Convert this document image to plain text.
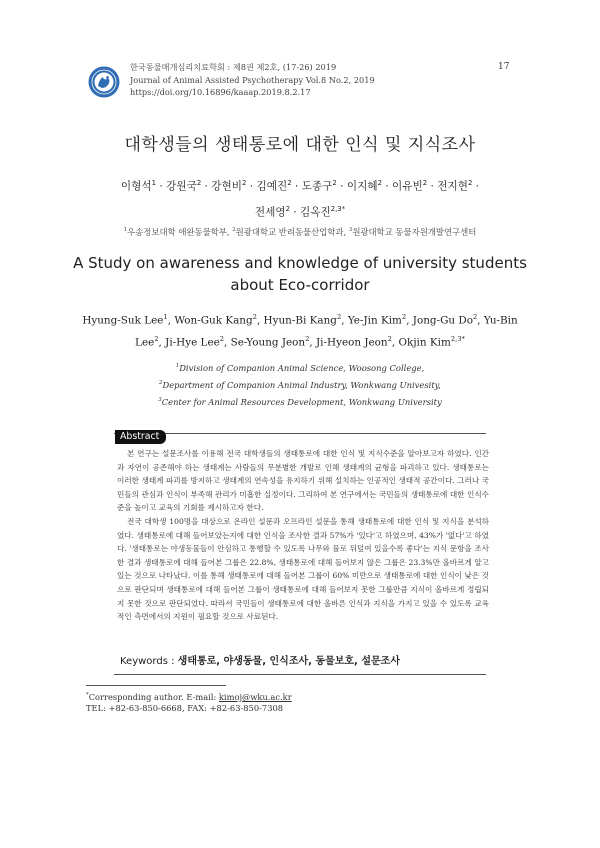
한국동물매개심리치료학회 : 제8권 제2호, (17-26) 2019
Journal of Animal Assisted Psychotherapy Vol.8 No.2, 2019
https://doi.org/10.16896/kaaap.2019.8.2.17
17
대학생들의 생태통로에 대한 인식 및 지식조사
이형석$^1$ · 강원국$^2$ · 강현비$^2$ · 김예진$^2$ · 도종구$^2$ · 이지혜$^2$ · 이유빈$^2$ · 전지현$^2$ ·
전세영$^2$ · 김옥진$^{2,3*}$
$^1$우송정보대학 애완동물학부, $^2$원광대학교 반려동물산업학과, $^3$원광대학교 동물자원개발연구센터
A Study on awareness and knowledge of university students about Eco-corridor
Hyung-Suk Lee$^1$, Won-Guk Kang$^2$, Hyun-Bi Kang$^2$, Ye-Jin Kim$^2$, Jong-Gu Do$^2$, Yu-Bin Lee$^2$, Ji-Hye Lee$^2$, Se-Young Jeon$^2$, Ji-Hyeon Jeon$^2$, Okjin Kim$^{2,3*}$
$^1$Division of Companion Animal Science, Woosong College,
$^2$Department of Companion Animal Industry, Wonkwang Univesity,
$^3$Center for Animal Resources Development, Wonkwang University
Abstract

본 연구는 설문조사를 이용해 전국 대학생들의 생태통로에 대한 인식 및 지식수준을 알아보고자 하였다. 인간과 자연이 공존해야 하는 생태계는 사람들의 무분별한 개발로 인해 생태계의 균형을 파괴하고 있다. 생태통로는 이러한 생태계 파괴를 방지하고 생태계의 연속성을 유지하기 위해 설치하는 인공적인 생태적 공간이다. 그러나 국민들의 관심과 인식이 부족해 관리가 미흡한 실정이다. 그리하여 본 연구에서는 국민들의 생태통로에 대한 인식수준을 높이고 교육의 기회를 제시하고자 한다.

전국 대학생 100명을 대상으로 온라인 설문과 오프라인 설문을 통해 생태통로에 대한 인식 및 지식을 분석하였다. 생태통로에 대해 들어보았는지에 대한 인식을 조사한 결과 57%가 '있다'고 하였으며, 43%가 '없다'고 하였다. '생태통로는 야생동물들이 안심하고 통행할 수 있도록 나무와 풀로 뒤덮여 있을수록 좋다'는 지식 문항을 조사한 결과 생태통로에 대해 들어본 그룹은 22.8%, 생태통로에 대해 들어보지 않은 그룹은 23.3%만 올바르게 알고 있는 것으로 나타났다. 이를 통해 생태통로에 대해 들어본 그룹이 60% 미만으로 생태통로에 대한 인식이 낮은 것으로 판단되며 생태통로에 대해 들어본 그룹이 생태통로에 대해 들어보지 못한 그룹만큼 지식이 올바르게 정립되지 못한 것으로 판단되었다. 따라서 국민들이 생태통로에 대한 올바른 인식과 지식을 가지고 있을 수 있도록 교육적인 측면에서의 지원이 필요할 것으로 사료된다.

Keywords : 생태통로, 야생동물, 인식조사, 동물보호, 설문조사
*Corresponding author. E-mail: kimoj@wku.ac.kr
TEL: +82-63-850-6668, FAX: +82-63-850-7308
